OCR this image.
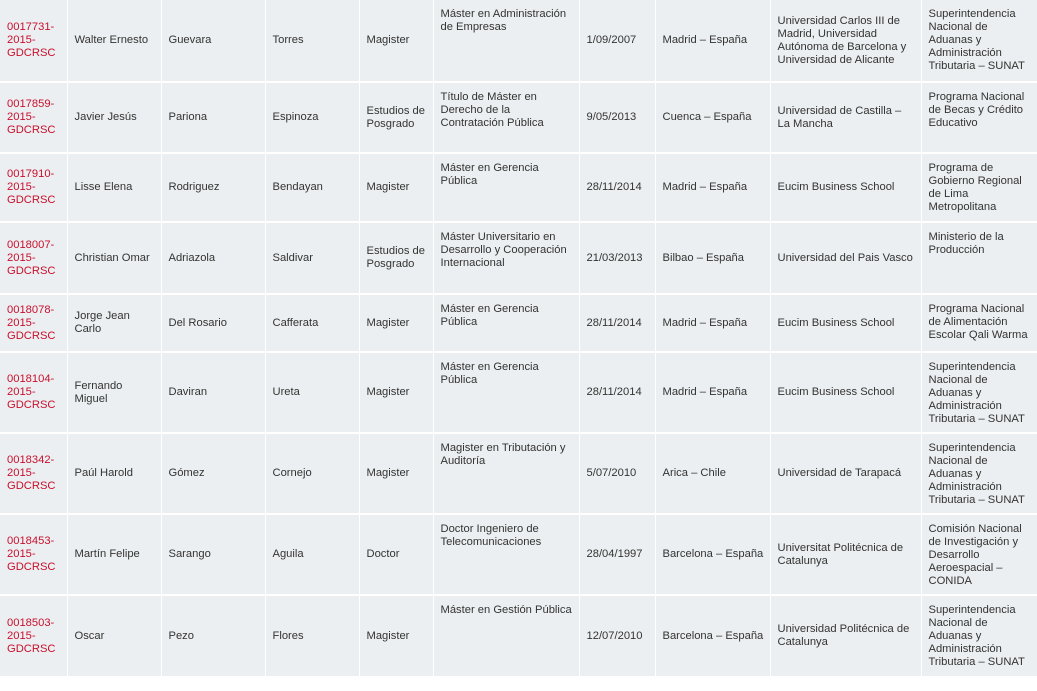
0017731-2015-GDCRSC	Walter Ernesto	Guevara	Torres	Magister	Máster en Administración de Empresas	1/09/2007	Madrid – España	Universidad Carlos III de Madrid, Universidad Autónoma de Barcelona y Universidad de Alicante	Superintendencia Nacional de Aduanas y Administración Tributaria – SUNAT

0017859-2015-GDCRSC	Javier Jesús	Pariona	Espinoza	Estudios de Posgrado	Título de Máster en Derecho de la Contratación Pública	9/05/2013	Cuenca – España	Universidad de Castilla – La Mancha	Programa Nacional de Becas y Crédito Educativo

0017910-2015-GDCRSC	Lisse Elena	Rodriguez	Bendayan	Magister	Máster en Gerencia Pública	28/11/2014	Madrid – España	Eucim Business School	Programa de Gobierno Regional de Lima Metropolitana

0018007-2015-GDCRSC	Christian Omar	Adriazola	Saldivar	Estudios de Posgrado	Máster Universitario en Desarrollo y Cooperación Internacional	21/03/2013	Bilbao – España	Universidad del Pais Vasco	Ministerio de la Producción

0018078-2015-GDCRSC	Jorge Jean Carlo	Del Rosario	Cafferata	Magister	Máster en Gerencia Pública	28/11/2014	Madrid – España	Eucim Business School	Programa Nacional de Alimentación Escolar Qali Warma

0018104-2015-GDCRSC	Fernando Miguel	Daviran	Ureta	Magister	Máster en Gerencia Pública	28/11/2014	Madrid – España	Eucim Business School	Superintendencia Nacional de Aduanas y Administración Tributaria – SUNAT

0018342-2015-GDCRSC	Paúl Harold	Gómez	Cornejo	Magister	Magister en Tributación y Auditoría	5/07/2010	Arica – Chile	Universidad de Tarapacá	Superintendencia Nacional de Aduanas y Administración Tributaria – SUNAT

0018453-2015-GDCRSC	Martín Felipe	Sarango	Aguila	Doctor	Doctor Ingeniero de Telecomunicaciones	28/04/1997	Barcelona – España	Universitat Politécnica de Catalunya	Comisión Nacional de Investigación y Desarrollo Aeroespacial – CONIDA

0018503-2015-GDCRSC	Oscar	Pezo	Flores	Magister	Máster en Gestión Pública	12/07/2010	Barcelona – España	Universidad Politécnica de Catalunya	Superintendencia Nacional de Aduanas y Administración Tributaria – SUNAT
